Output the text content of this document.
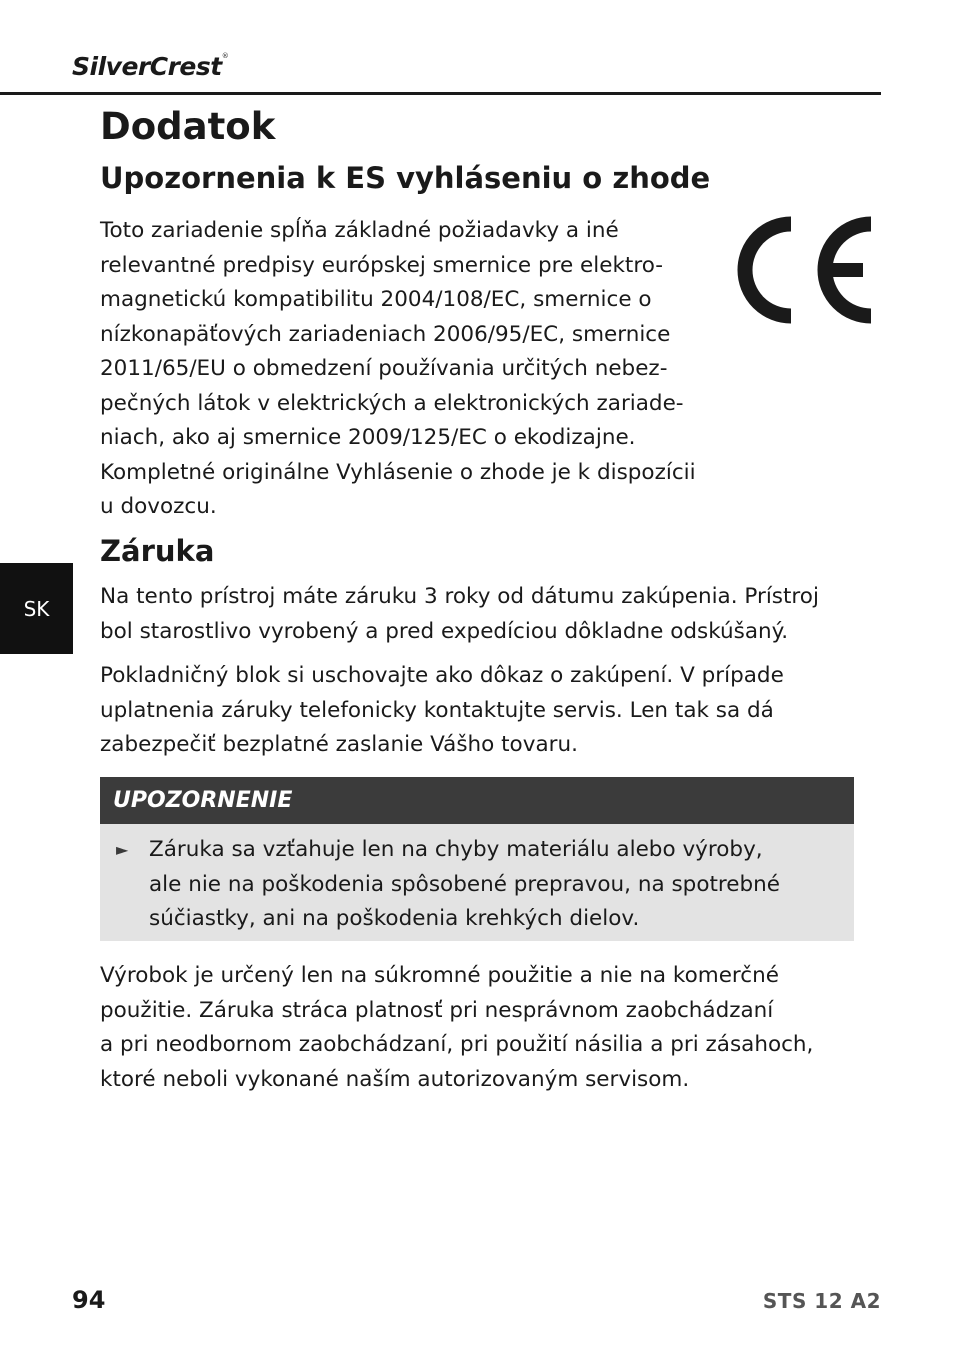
SilverCrest®
Dodatok
Upozornenia k ES vyhláseniu o zhode
Toto zariadenie spĺňa základné požiadavky a iné
relevantné predpisy európskej smernice pre elektro-
magnetickú kompatibilitu 2004/108/EC, smernice o
nízkonapäťových zariadeniach 2006/95/EC, smernice
2011/65/EU o obmedzení používania určitých nebez-
pečných látok v elektrických a elektronických zariade-
niach, ako aj smernice 2009/125/EC o ekodizajne.
Kompletné originálne Vyhlásenie o zhode je k dispozícii
u dovozcu.
SK
Záruka
Na tento prístroj máte záruku 3 roky od dátumu zakúpenia. Prístroj
bol starostlivo vyrobený a pred expedíciou dôkladne odskúšaný.
Pokladničný blok si uschovajte ako dôkaz o zakúpení. V prípade
uplatnenia záruky telefonicky kontaktujte servis. Len tak sa dá
zabezpečiť bezplatné zaslanie Vášho tovaru.
UPOZORNENIE
► Záruka sa vzťahuje len na chyby materiálu alebo výroby,
ale nie na poškodenia spôsobené prepravou, na spotrebné
súčiastky, ani na poškodenia krehkých dielov.
Výrobok je určený len na súkromné použitie a nie na komerčné
použitie. Záruka stráca platnosť pri nesprávnom zaobchádzaní
a pri neodbornom zaobchádzaní, pri použití násilia a pri zásahoch,
ktoré neboli vykonané naším autorizovaným servisom.
94	STS 12 A2
